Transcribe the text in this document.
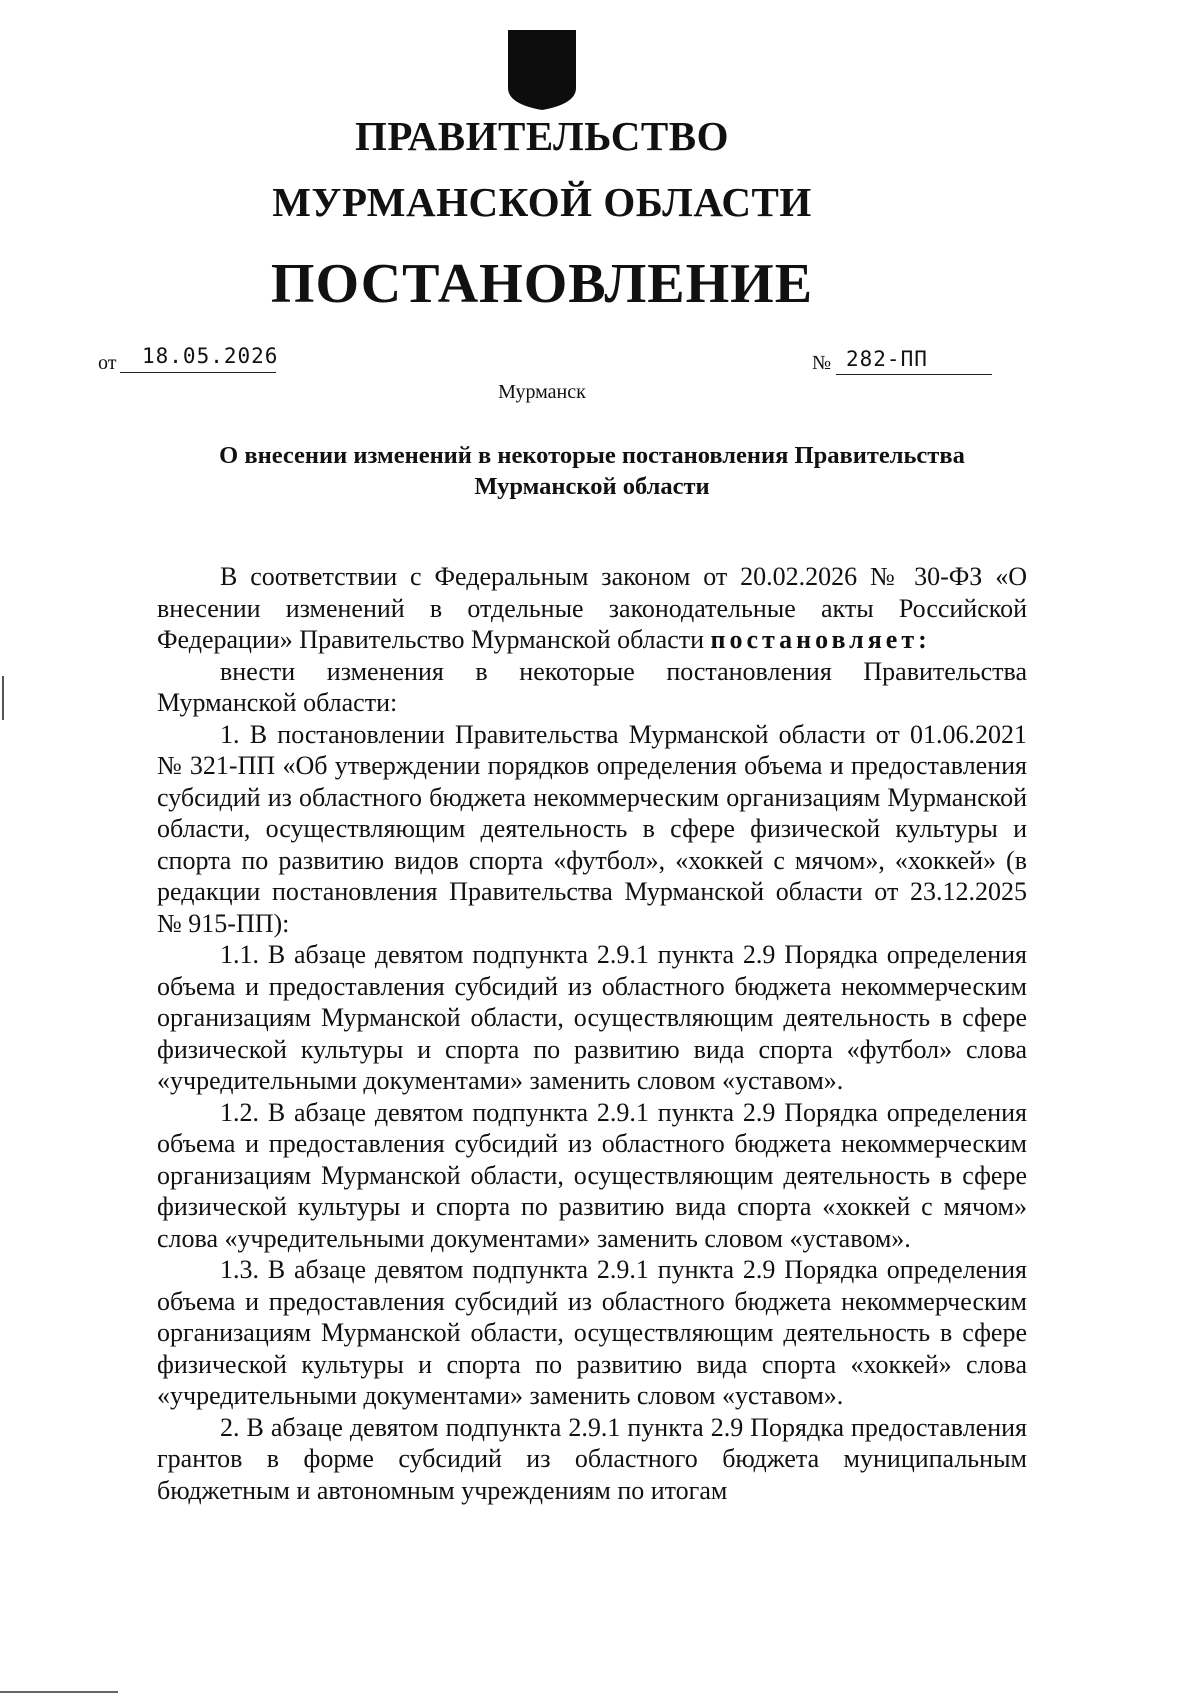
ПРАВИТЕЛЬСТВО
МУРМАНСКОЙ ОБЛАСТИ
ПОСТАНОВЛЕНИЕ
от 18.05.2026	№ 282-ПП
Мурманск
О внесении изменений в некоторые постановления Правительства
Мурманской области

В соответствии с Федеральным законом от 20.02.2026 № 30-ФЗ «О внесении изменений в отдельные законодательные акты Российской Федерации» Правительство Мурманской области постановляет:

внести изменения в некоторые постановления Правительства Мурманской области:

1. В постановлении Правительства Мурманской области от 01.06.2021 № 321-ПП «Об утверждении порядков определения объема и предоставления субсидий из областного бюджета некоммерческим организациям Мурманской области, осуществляющим деятельность в сфере физической культуры и спорта по развитию видов спорта «футбол», «хоккей с мячом», «хоккей» (в редакции постановления Правительства Мурманской области от 23.12.2025 № 915-ПП):

1.1. В абзаце девятом подпункта 2.9.1 пункта 2.9 Порядка определения объема и предоставления субсидий из областного бюджета некоммерческим организациям Мурманской области, осуществляющим деятельность в сфере физической культуры и спорта по развитию вида спорта «футбол» слова «учредительными документами» заменить словом «уставом».

1.2. В абзаце девятом подпункта 2.9.1 пункта 2.9 Порядка определения объема и предоставления субсидий из областного бюджета некоммерческим организациям Мурманской области, осуществляющим деятельность в сфере физической культуры и спорта по развитию вида спорта «хоккей с мячом» слова «учредительными документами» заменить словом «уставом».

1.3. В абзаце девятом подпункта 2.9.1 пункта 2.9 Порядка определения объема и предоставления субсидий из областного бюджета некоммерческим организациям Мурманской области, осуществляющим деятельность в сфере физической культуры и спорта по развитию вида спорта «хоккей» слова «учредительными документами» заменить словом «уставом».

2. В абзаце девятом подпункта 2.9.1 пункта 2.9 Порядка предоставления грантов в форме субсидий из областного бюджета муниципальным бюджетным и автономным учреждениям по итогам
